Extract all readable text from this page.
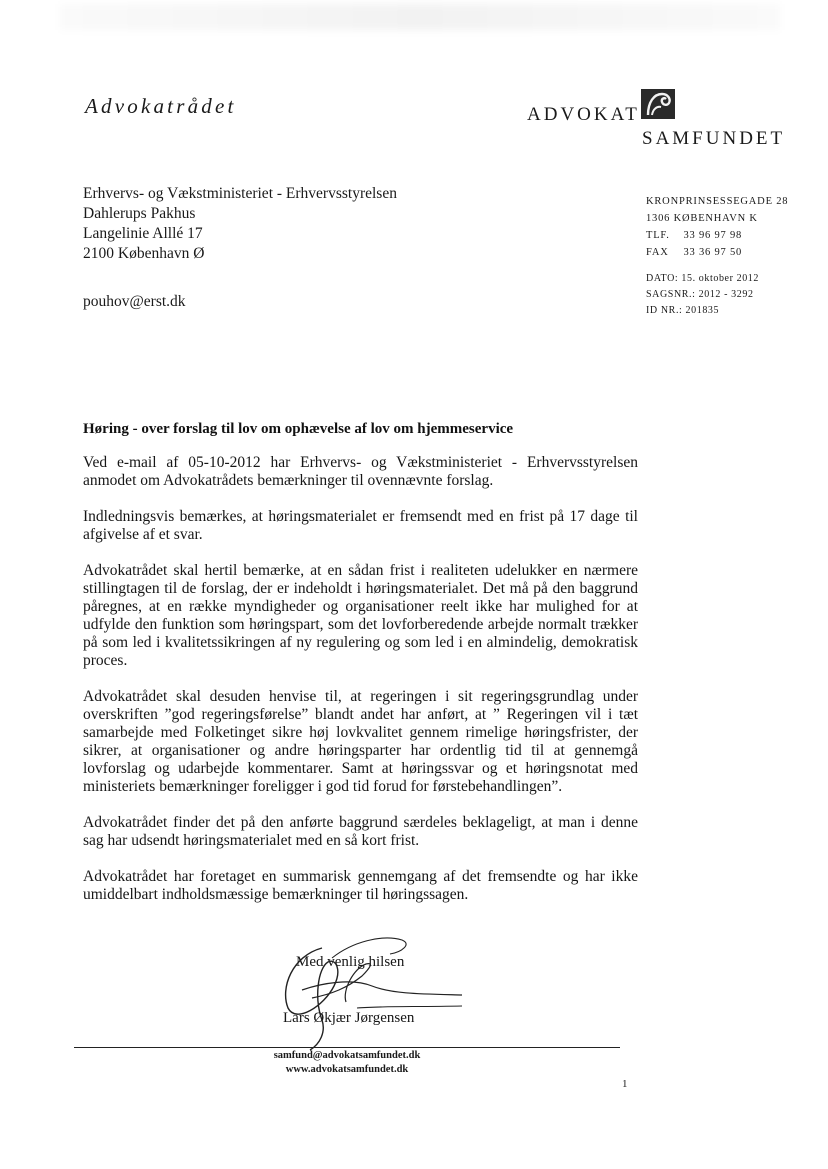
Advokatrådet	ADVOKAT
SAMFUNDET
Erhvervs- og Vækstministeriet - Erhvervsstyrelsen
Dahlerups Pakhus
Langelinie Alllé 17
2100 København Ø
pouhov@erst.dk
KRONPRINSESSEGADE 28
1306 KØBENHAVN K
TLF. 33 96 97 98
FAX 33 36 97 50
DATO: 15. oktober 2012
SAGSNR.: 2012 - 3292
ID NR.: 201835
Høring - over forslag til lov om ophævelse af lov om hjemmeservice

Ved e-mail af 05-10-2012 har Erhvervs- og Vækstministeriet - Erhvervsstyrelsen anmodet om Advokatrådets bemærkninger til ovennævnte forslag.

Indledningsvis bemærkes, at høringsmaterialet er fremsendt med en frist på 17 dage til afgivelse af et svar.

Advokatrådet skal hertil bemærke, at en sådan frist i realiteten udelukker en nærmere stillingtagen til de forslag, der er indeholdt i høringsmaterialet. Det må på den baggrund påregnes, at en række myndigheder og organisationer reelt ikke har mulighed for at udfylde den funktion som høringspart, som det lovforberedende arbejde normalt trækker på som led i kvalitetssikringen af ny regulering og som led i en almindelig, demokratisk proces.

Advokatrådet skal desuden henvise til, at regeringen i sit regeringsgrundlag under overskriften ”god regeringsførelse” blandt andet har anført, at ” Regeringen vil i tæt samarbejde med Folketinget sikre høj lovkvalitet gennem rimelige høringsfrister, der sikrer, at organisationer og andre høringsparter har ordentlig tid til at gennemgå lovforslag og udarbejde kommentarer. Samt at høringssvar og et høringsnotat med ministeriets bemærkninger foreligger i god tid forud for førstebehandlingen”.

Advokatrådet finder det på den anførte baggrund særdeles beklageligt, at man i denne sag har udsendt høringsmaterialet med en så kort frist.

Advokatrådet har foretaget en summarisk gennemgang af det fremsendte og har ikke umiddelbart indholdsmæssige bemærkninger til høringssagen.

Med venlig hilsen
Lars Økjær Jørgensen
samfund@advokatsamfundet.dk
www.advokatsamfundet.dk
1
